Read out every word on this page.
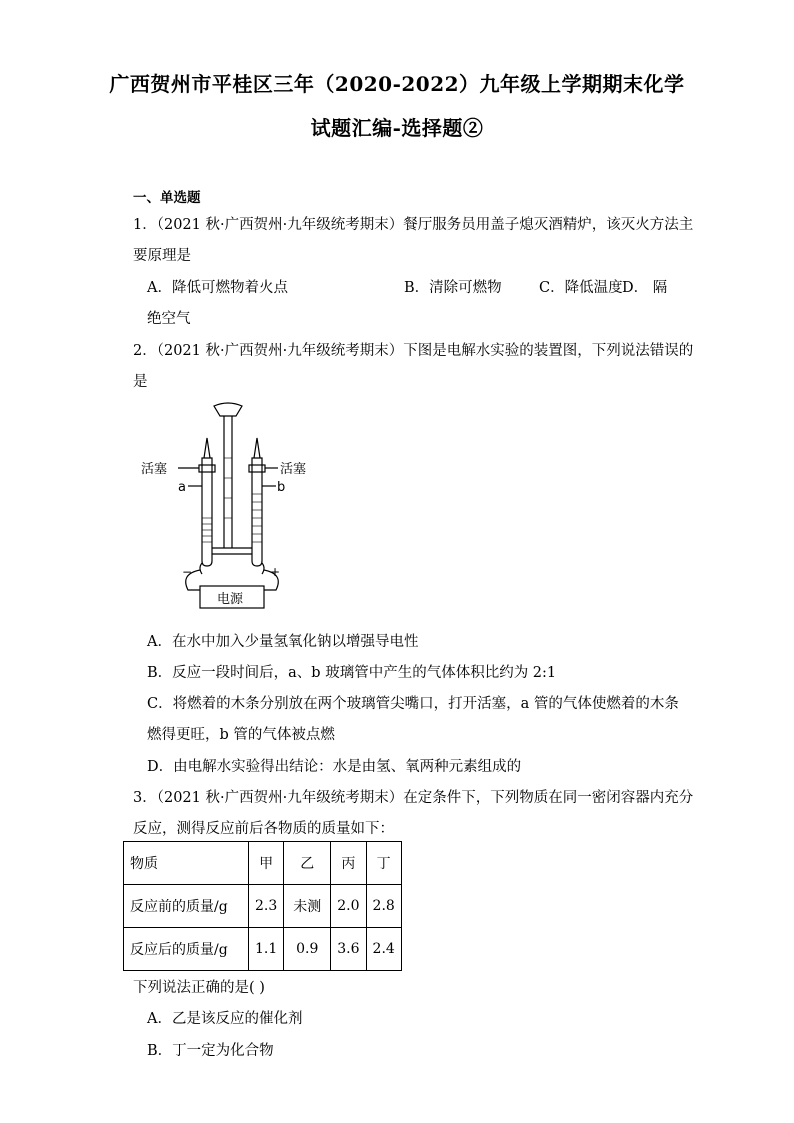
广西贺州市平桂区三年（2020-2022）九年级上学期期末化学
试题汇编-选择题②
一、单选题
1．（2021 秋·广西贺州·九年级统考期末）餐厅服务员用盖子熄灭酒精炉，该灭火方法主
要原理是
A．降低可燃物着火点	B．清除可燃物	C．降低温度 D． 隔
绝空气
2．（2021 秋·广西贺州·九年级统考期末）下图是电解水实验的装置图，下列说法错误的
是
活塞	活塞
a	b
−	+
电源
A．在水中加入少量氢氧化钠以增强导电性
B．反应一段时间后，a、b 玻璃管中产生的气体体积比约为 2:1
C．将燃着的木条分别放在两个玻璃管尖嘴口，打开活塞，a 管的气体使燃着的木条
燃得更旺，b 管的气体被点燃
D．由电解水实验得出结论：水是由氢、氧两种元素组成的
3．（2021 秋·广西贺州·九年级统考期末）在定条件下，下列物质在同一密闭容器内充分
反应，测得反应前后各物质的质量如下：
物质	甲	乙	丙	丁
反应前的质量/g	2.3	未测	2.0	2.8
反应后的质量/g	1.1	0.9	3.6	2.4
下列说法正确的是( )
A．乙是该反应的催化剂
B．丁一定为化合物
